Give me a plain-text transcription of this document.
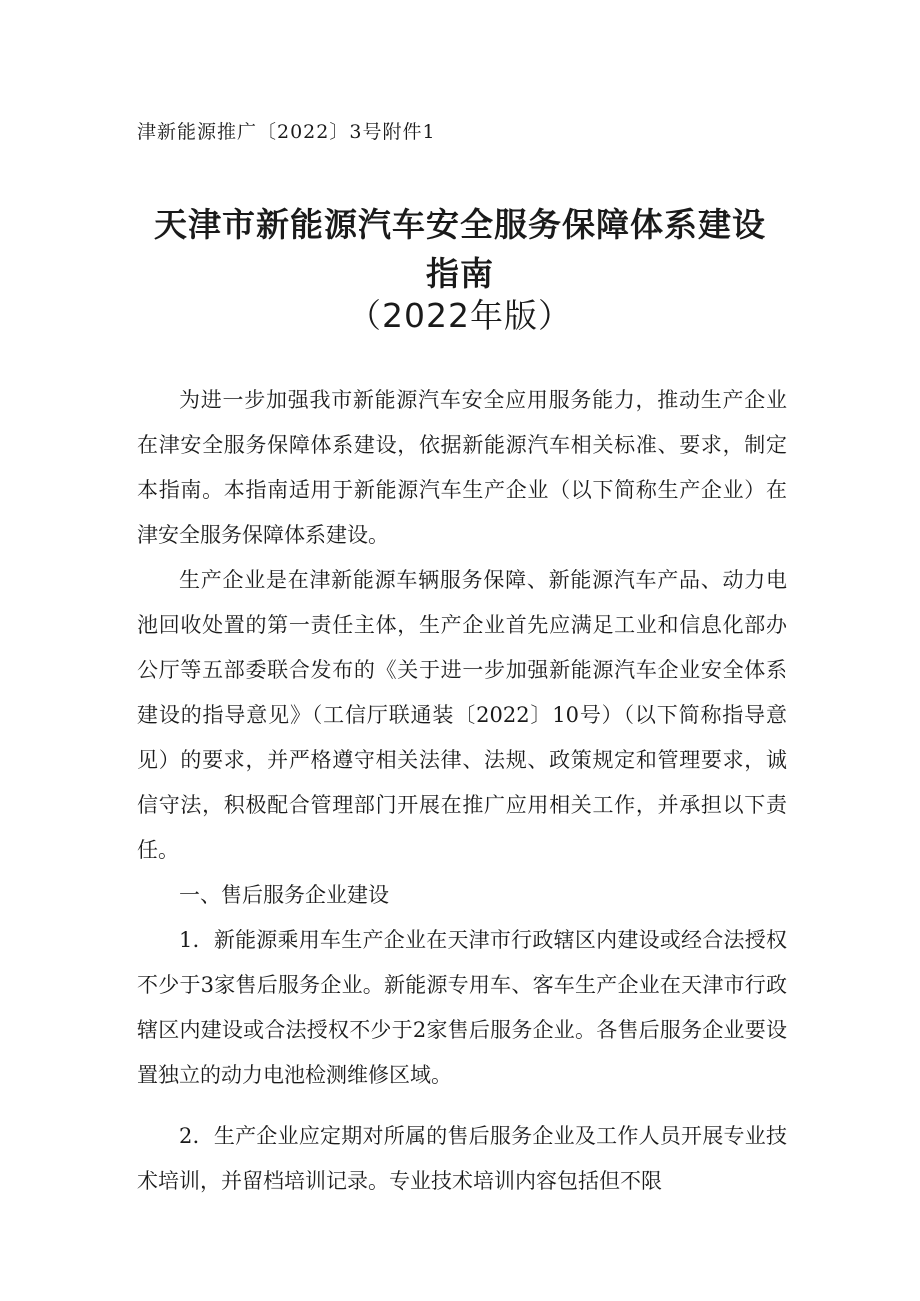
津新能源推广〔2022〕3号附件1
天津市新能源汽车安全服务保障体系建设
指南
（2022年版）

为进一步加强我市新能源汽车安全应用服务能力，推动生产企业在津安全服务保障体系建设，依据新能源汽车相关标准、要求，制定本指南。本指南适用于新能源汽车生产企业（以下简称生产企业）在津安全服务保障体系建设。

生产企业是在津新能源车辆服务保障、新能源汽车产品、动力电池回收处置的第一责任主体，生产企业首先应满足工业和信息化部办公厅等五部委联合发布的《关于进一步加强新能源汽车企业安全体系建设的指导意见》（工信厅联通装〔2022〕10号）（以下简称指导意见）的要求，并严格遵守相关法律、法规、政策规定和管理要求，诚信守法，积极配合管理部门开展在推广应用相关工作，并承担以下责任。

一、售后服务企业建设

1．新能源乘用车生产企业在天津市行政辖区内建设或经合法授权不少于3家售后服务企业。新能源专用车、客车生产企业在天津市行政辖区内建设或合法授权不少于2家售后服务企业。各售后服务企业要设置独立的动力电池检测维修区域。

2．生产企业应定期对所属的售后服务企业及工作人员开展专业技术培训，并留档培训记录。专业技术培训内容包括但不限
